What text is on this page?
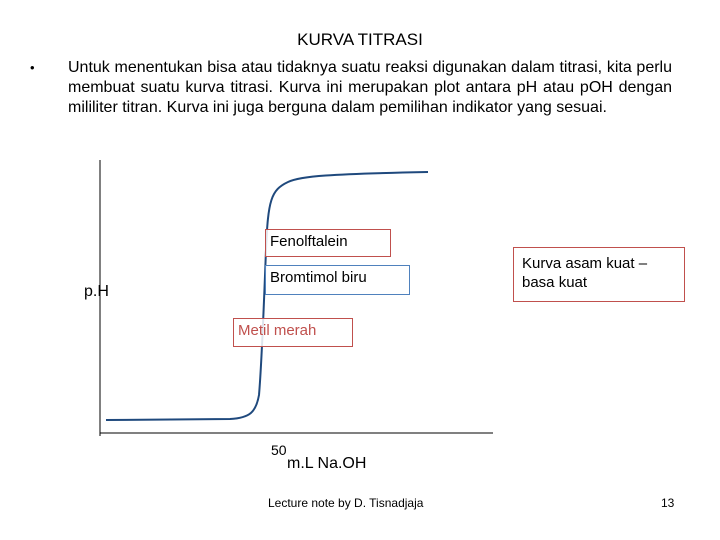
KURVA TITRASI
• Untuk menentukan bisa atau tidaknya suatu reaksi digunakan dalam titrasi, kita perlu membuat suatu kurva titrasi. Kurva ini merupakan plot antara pH atau pOH dengan mililiter titran. Kurva ini juga berguna dalam pemilihan indikator yang sesuai.
p.H
Fenolftalein
Bromtimol biru
Metil merah
Kurva asam kuat – basa kuat
50
m.L Na.OH
Lecture note by D. Tisnadjaja	13
